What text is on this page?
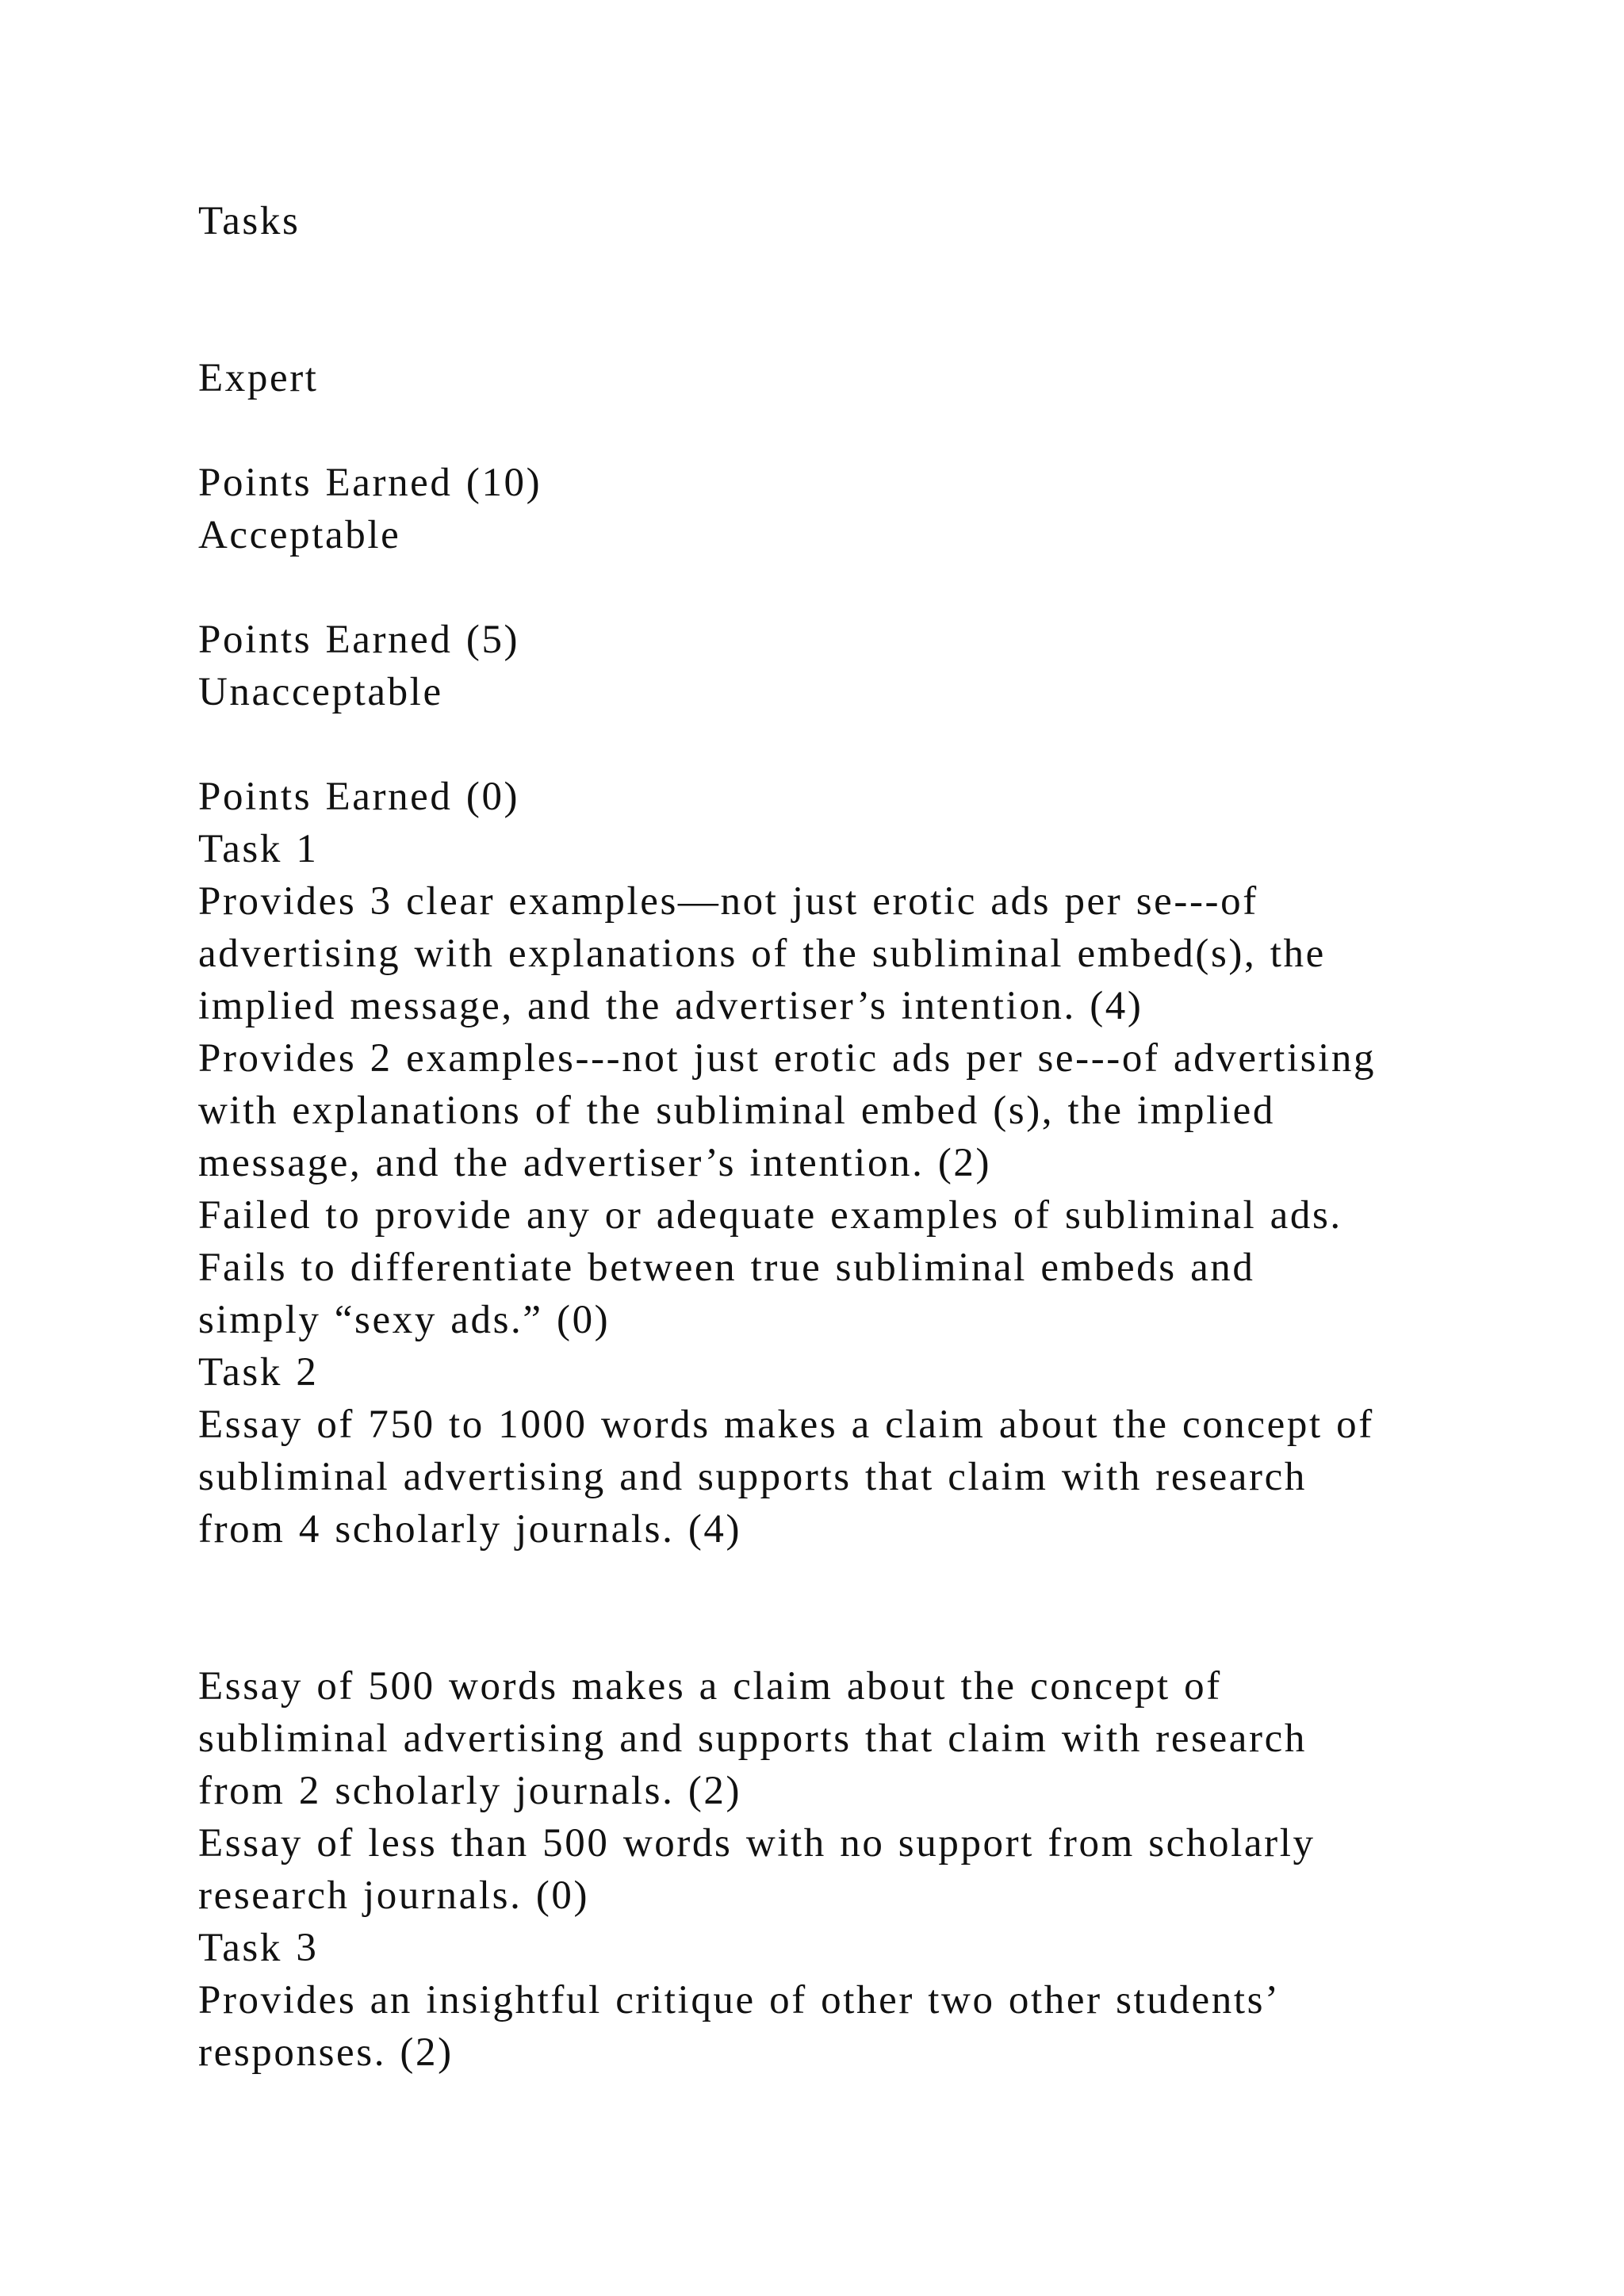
Tasks

Expert

Points Earned (10)

Acceptable

Points Earned (5)

Unacceptable

Points Earned (0)

Task 1

Provides 3 clear examples—not just erotic ads per se---of

advertising with explanations of the subliminal embed(s), the

implied message, and the advertiser’s intention. (4)

Provides 2 examples---not just erotic ads per se---of advertising

with explanations of the subliminal embed (s), the implied

message, and the advertiser’s intention. (2)

Failed to provide any or adequate examples of subliminal ads.

Fails to differentiate between true subliminal embeds and

simply “sexy ads.” (0)

Task 2

Essay of 750 to 1000 words makes a claim about the concept of

subliminal advertising and supports that claim with research

from 4 scholarly journals. (4)

Essay of 500 words makes a claim about the concept of

subliminal advertising and supports that claim with research

from 2 scholarly journals. (2)

Essay of less than 500 words with no support from scholarly

research journals. (0)

Task 3

Provides an insightful critique of other two other students’

responses. (2)
